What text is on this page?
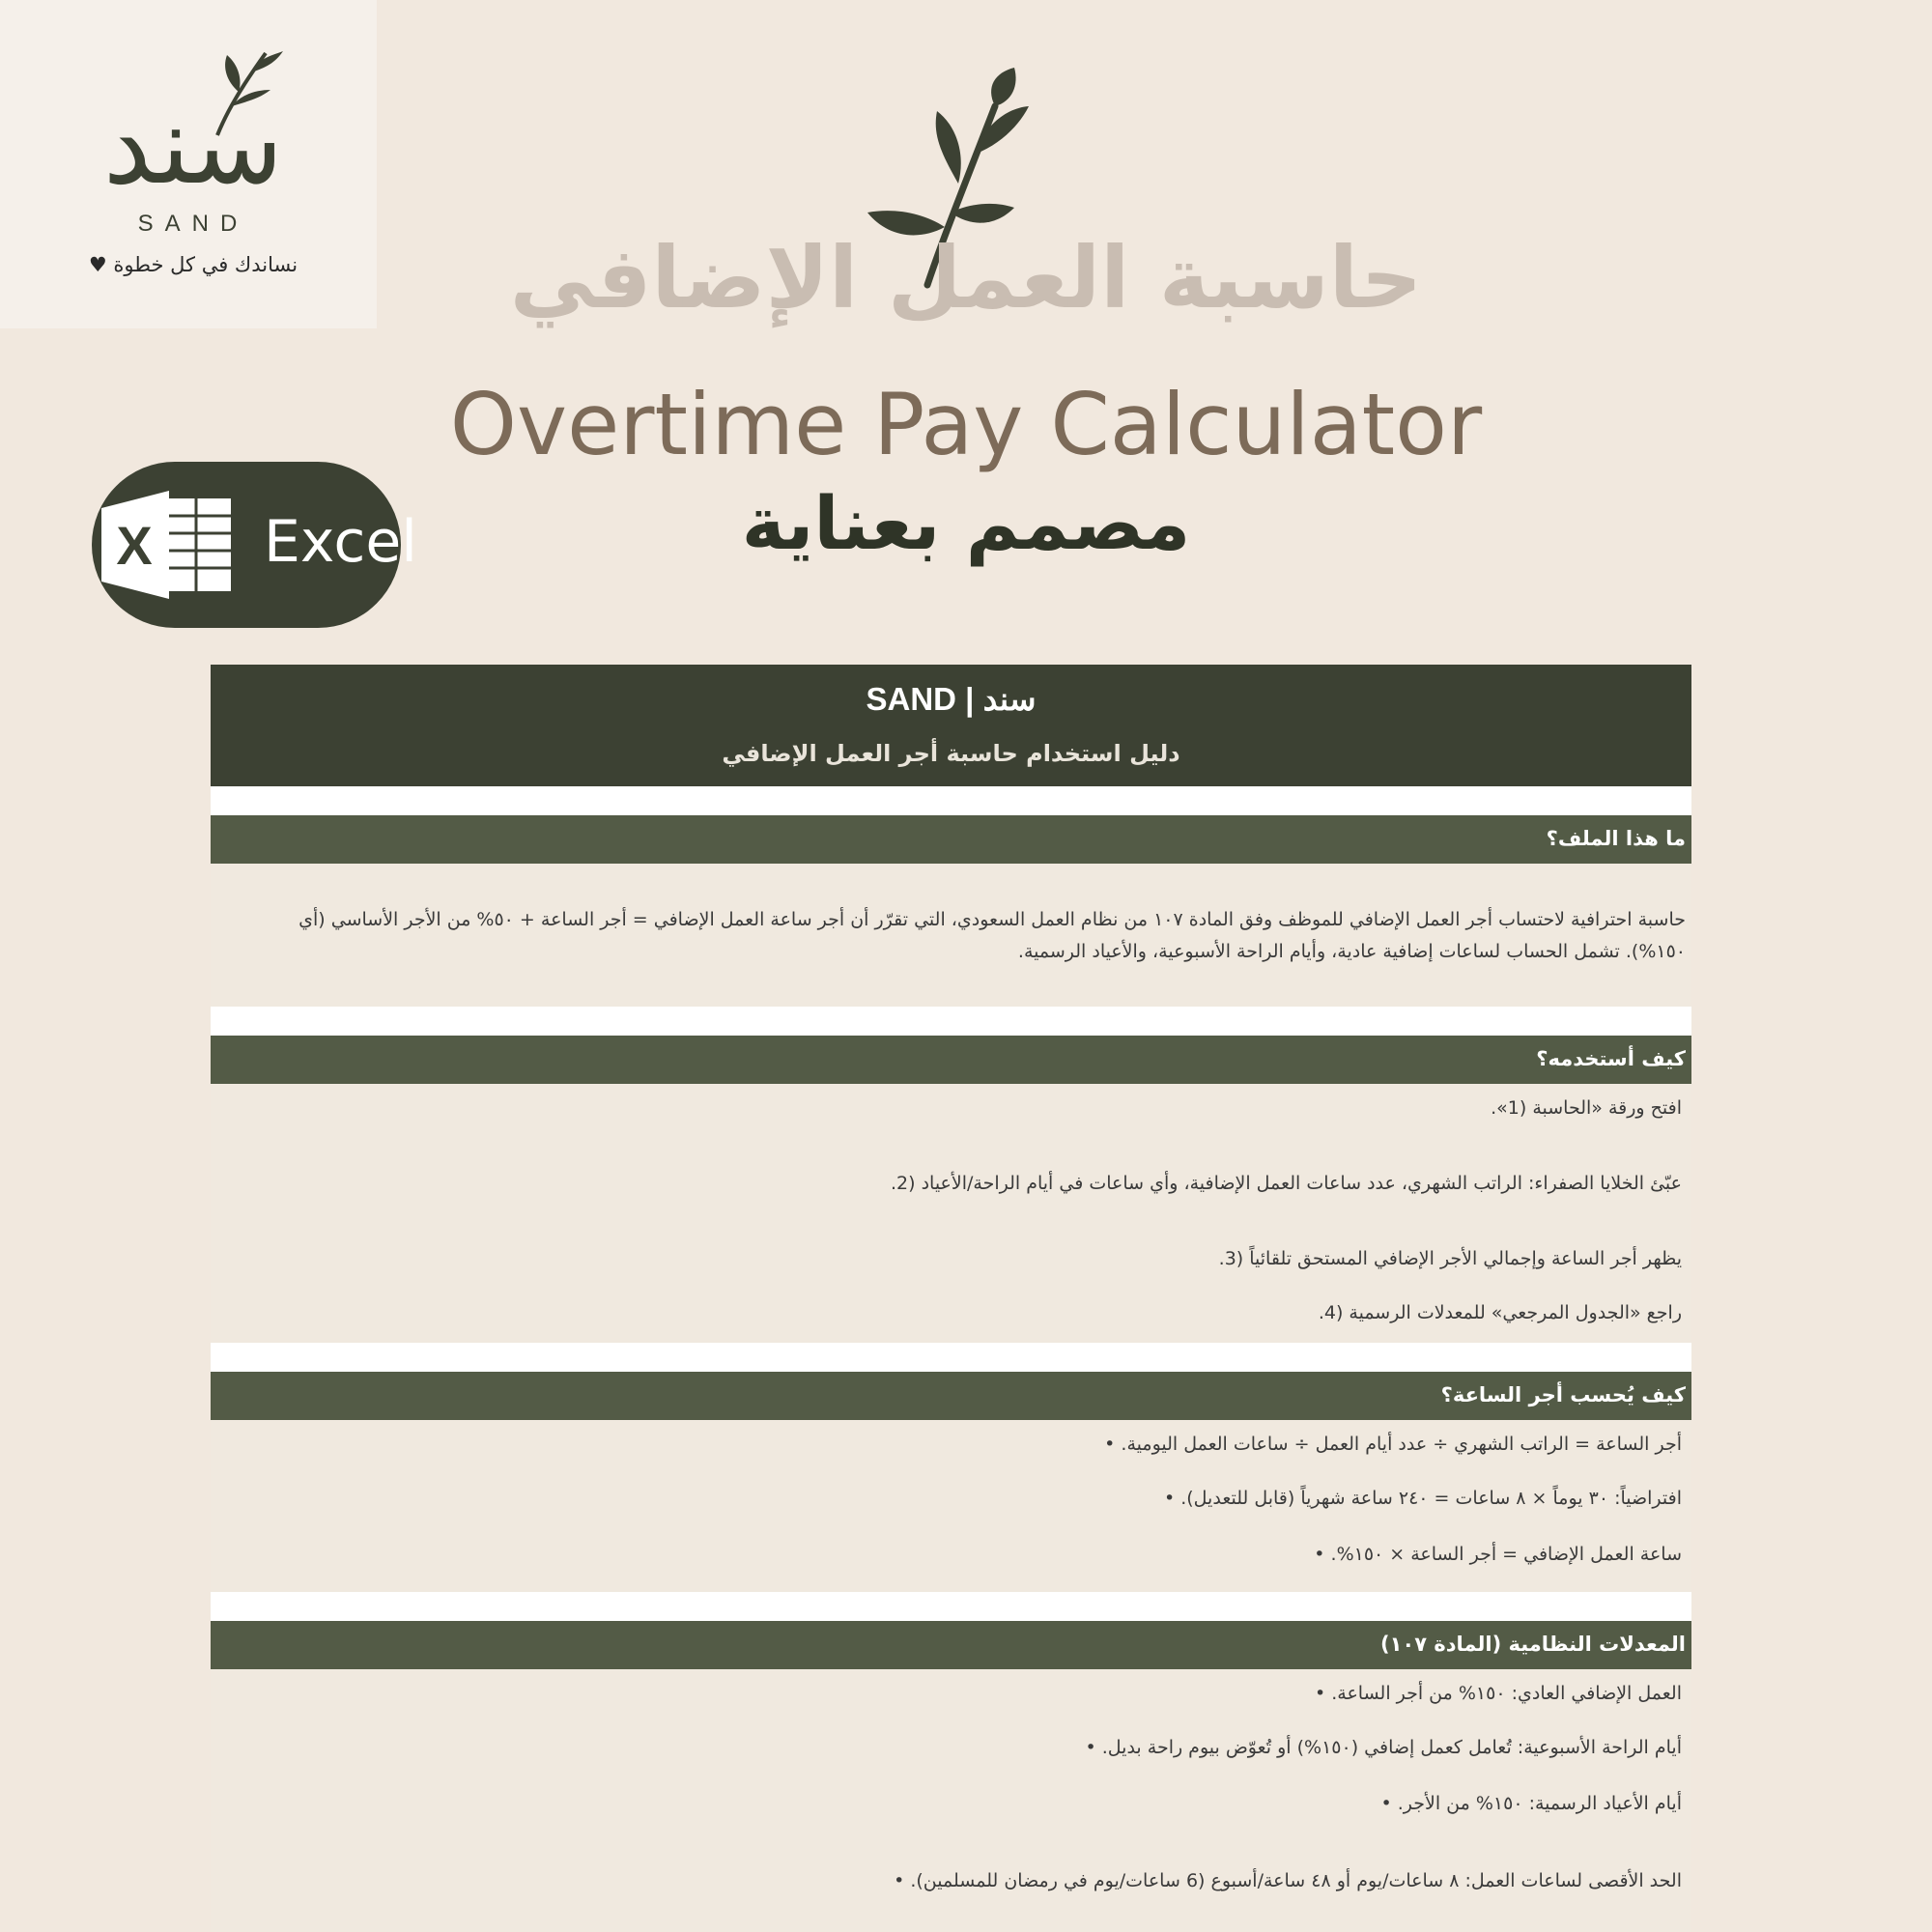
سند
SAND
♥ نساندك في كل خطوة	حاسبة العمل الإضافي
Overtime Pay Calculator
مصمم بعناية
X Excel
SAND | سند
دليل استخدام حاسبة أجر العمل الإضافي
ما هذا الملف؟
حاسبة احترافية لاحتساب أجر العمل الإضافي للموظف وفق المادة ١٠٧ من نظام العمل السعودي، التي تقرّر أن أجر ساعة العمل الإضافي = أجر الساعة + ٥٠% من الأجر الأساسي (أي ١٥٠%). تشمل الحساب لساعات إضافية عادية، وأيام الراحة الأسبوعية، والأعياد الرسمية.
كيف أستخدمه؟
.«افتح ورقة «الحاسبة (1
.عبّئ الخلايا الصفراء: الراتب الشهري، عدد ساعات العمل الإضافية، وأي ساعات في أيام الراحة/الأعياد (2
.يظهر أجر الساعة وإجمالي الأجر الإضافي المستحق تلقائياً (3
.راجع «الجدول المرجعي» للمعدلات الرسمية (4
كيف يُحسب أجر الساعة؟
• .أجر الساعة = الراتب الشهري ÷ عدد أيام العمل ÷ ساعات العمل اليومية
• .افتراضياً: ٣٠ يوماً × ٨ ساعات = ٢٤٠ ساعة شهرياً (قابل للتعديل)
• .%ساعة العمل الإضافي = أجر الساعة × ١٥٠
المعدلات النظامية (المادة ١٠٧)
• .العمل الإضافي العادي: ١٥٠% من أجر الساعة
• .أيام الراحة الأسبوعية: تُعامل كعمل إضافي (١٥٠%) أو تُعوّض بيوم راحة بديل
• .أيام الأعياد الرسمية: ١٥٠% من الأجر
• .الحد الأقصى لساعات العمل: ٨ ساعات/يوم أو ٤٨ ساعة/أسبوع (6 ساعات/يوم في رمضان للمسلمين)
